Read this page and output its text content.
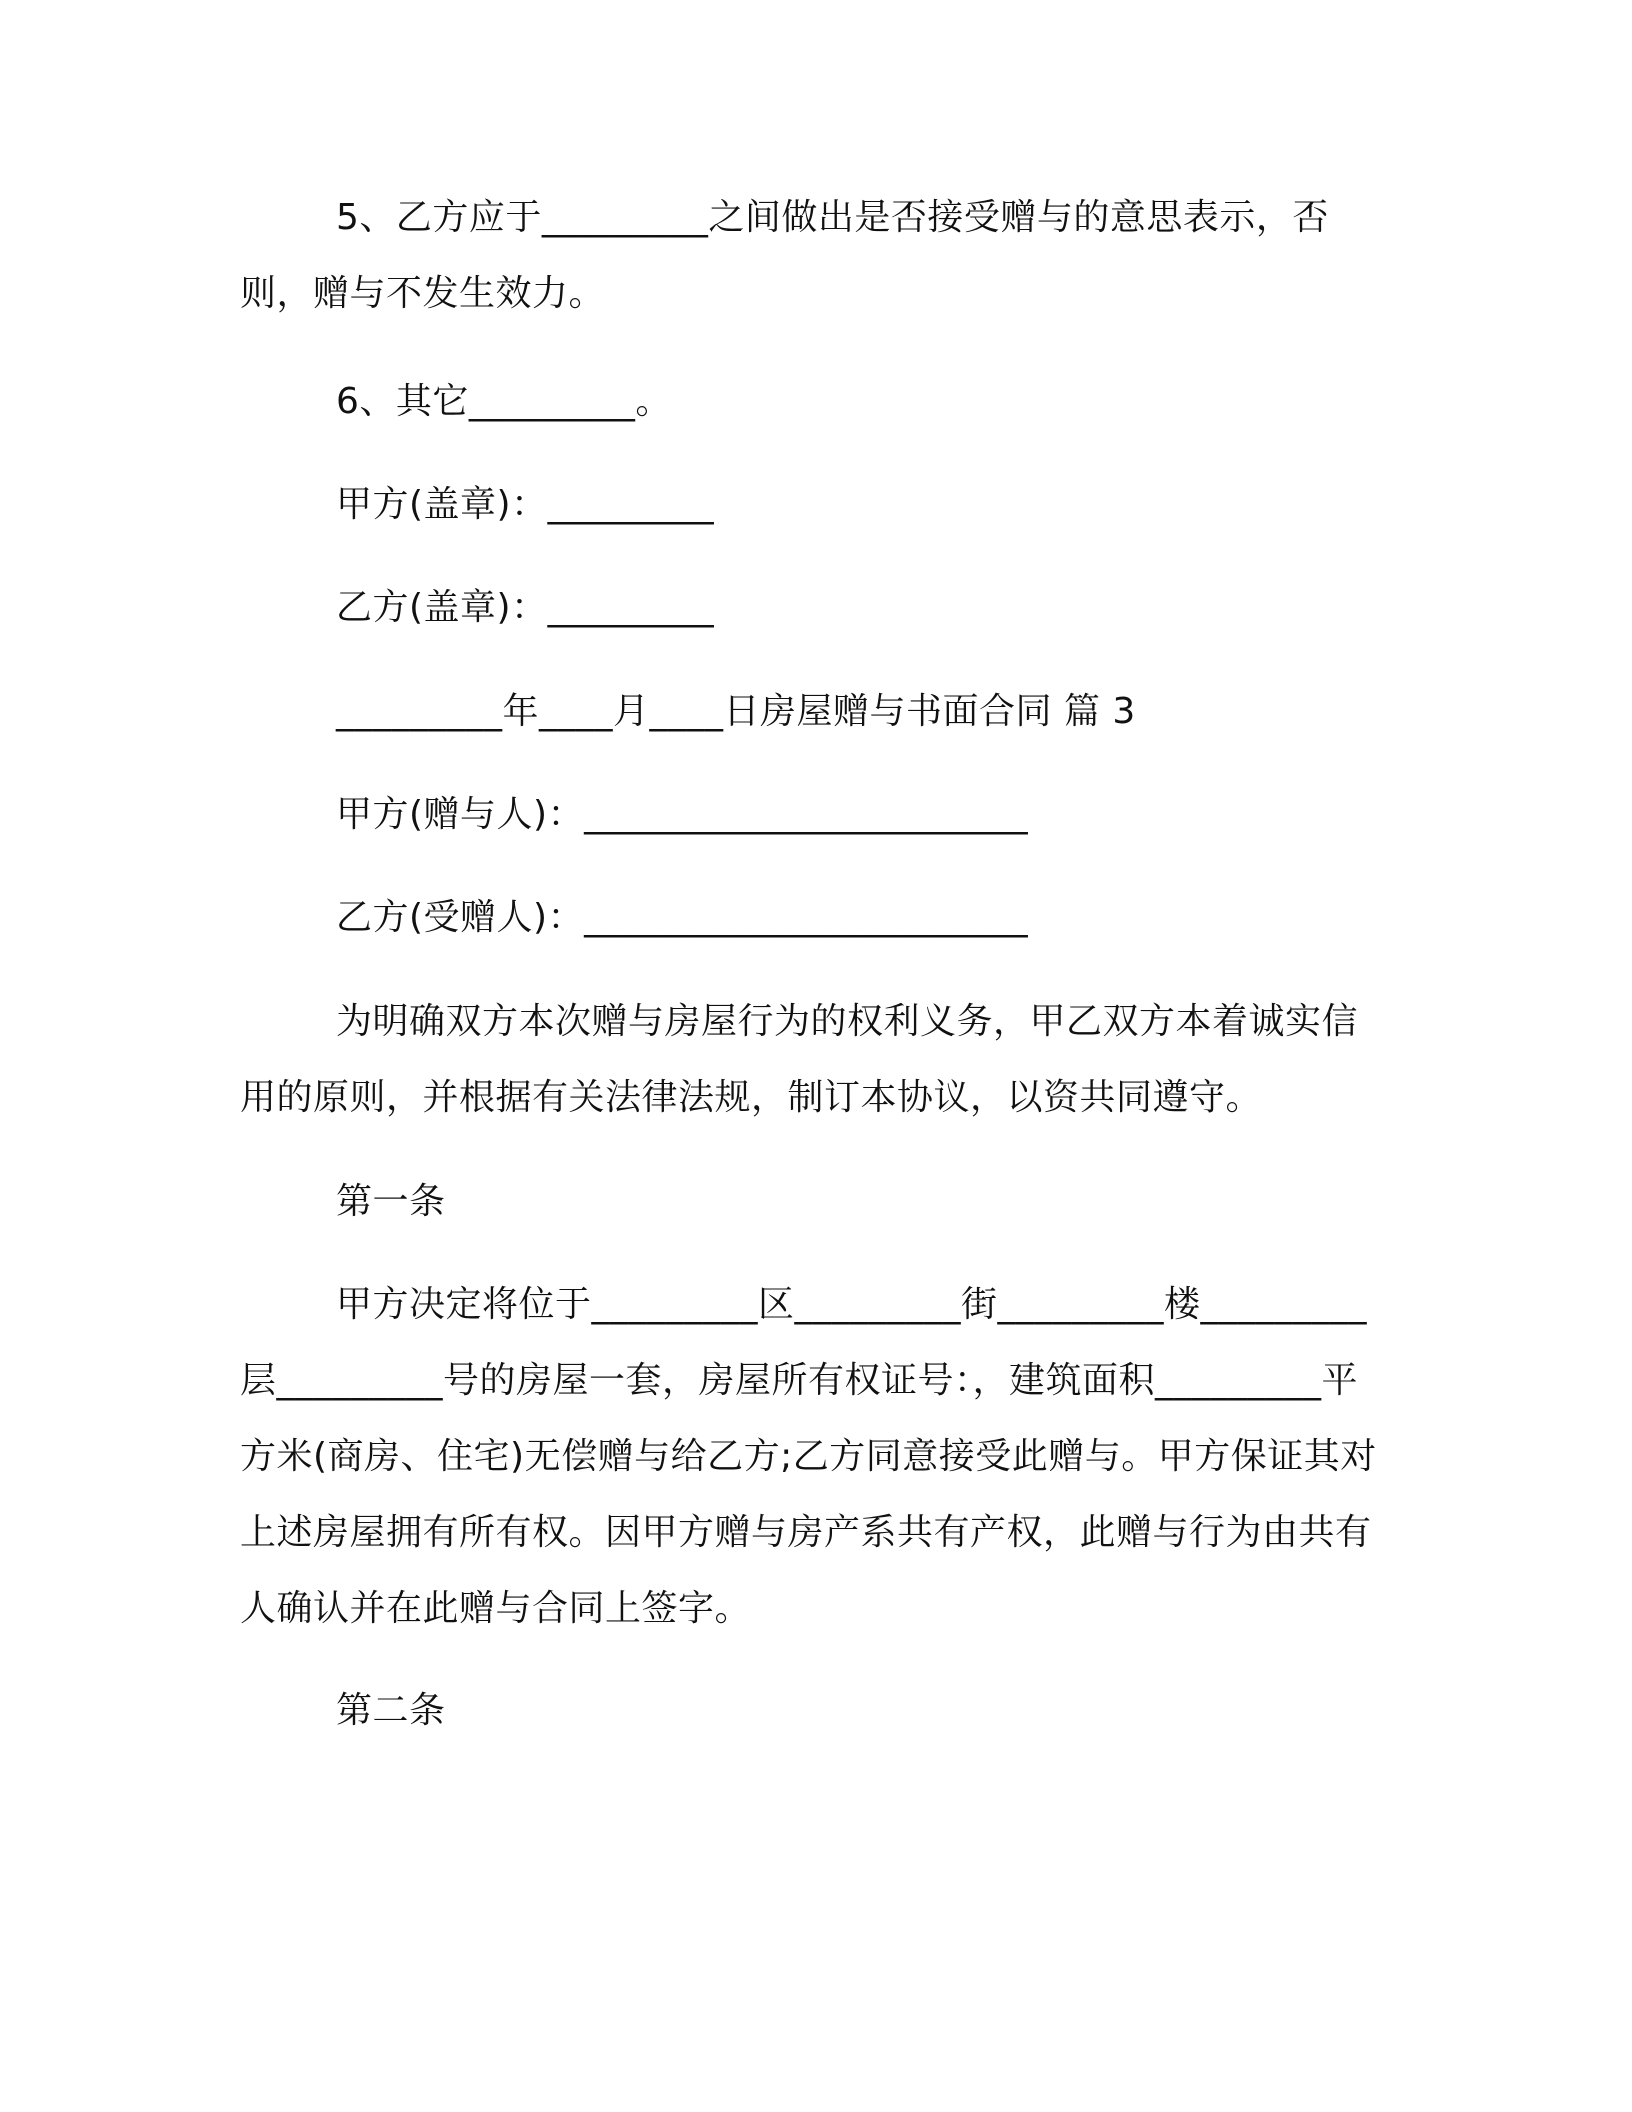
5、乙方应于_________之间做出是否接受赠与的意思表示，否则，赠与不发生效力。

6、其它_________。

甲方(盖章)：_________

乙方(盖章)：_________

_________年____月____日房屋赠与书面合同 篇 3

甲方(赠与人)：________________________

乙方(受赠人)：________________________

为明确双方本次赠与房屋行为的权利义务，甲乙双方本着诚实信用的原则，并根据有关法律法规，制订本协议，以资共同遵守。

第一条

甲方决定将位于_________区_________街_________楼_________层_________号的房屋一套，房屋所有权证号：，建筑面积_________平方米(商房、住宅)无偿赠与给乙方;乙方同意接受此赠与。甲方保证其对上述房屋拥有所有权。因甲方赠与房产系共有产权，此赠与行为由共有人确认并在此赠与合同上签字。

第二条
